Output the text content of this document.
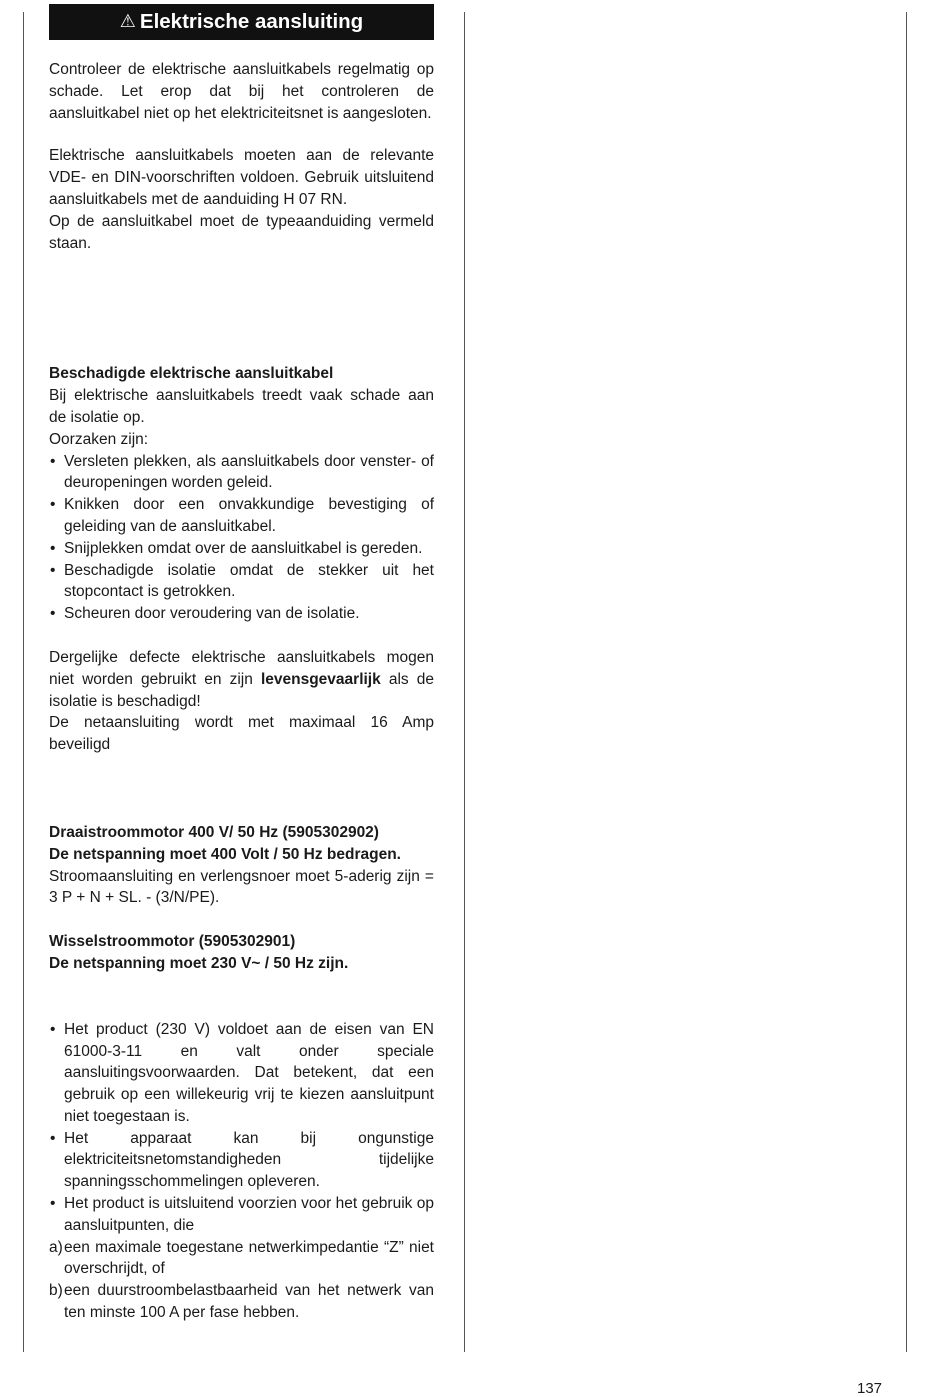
⚠ Elektrische aansluiting

Controleer de elektrische aansluitkabels regelmatig op schade. Let erop dat bij het controleren de aansluitkabel niet op het elektriciteitsnet is aangesloten.

Elektrische aansluitkabels moeten aan de relevante VDE- en DIN-voorschriften voldoen. Gebruik uitsluitend aansluitkabels met de aanduiding H 07 RN.

Op de aansluitkabel moet de typeaanduiding vermeld staan.

Beschadigde elektrische aansluitkabel

Bij elektrische aansluitkabels treedt vaak schade aan de isolatie op.

Oorzaken zijn:

• Versleten plekken, als aansluitkabels door venster- of deuropeningen worden geleid.
• Knikken door een onvakkundige bevestiging of geleiding van de aansluitkabel.
• Snijplekken omdat over de aansluitkabel is gereden.
• Beschadigde isolatie omdat de stekker uit het stopcontact is getrokken.
• Scheuren door veroudering van de isolatie.

Dergelijke defecte elektrische aansluitkabels mogen niet worden gebruikt en zijn levensgevaarlijk als de isolatie is beschadigd!

De netaansluiting wordt met maximaal 16 Amp beveiligd

Draaistroommotor 400 V/ 50 Hz (5905302902)

De netspanning moet 400 Volt / 50 Hz bedragen.

Stroomaansluiting en verlengsnoer moet 5-aderig zijn = 3 P + N + SL. - (3/N/PE).

Wisselstroommotor (5905302901)

De netspanning moet 230 V~ / 50 Hz zijn.

• Het product (230 V) voldoet aan de eisen van EN 61000-3-11 en valt onder speciale aansluitingsvoorwaarden. Dat betekent, dat een gebruik op een willekeurig vrij te kiezen aansluitpunt niet toegestaan is.
• Het apparaat kan bij ongunstige elektriciteitsnetomstandigheden tijdelijke spanningsschommelingen opleveren.
• Het product is uitsluitend voorzien voor het gebruik op aansluitpunten, die

a) een maximale toegestane netwerkimpedantie “Z” niet overschrijdt, of

b) een duurstroombelastbaarheid van het netwerk van ten minste 100 A per fase hebben.

137
